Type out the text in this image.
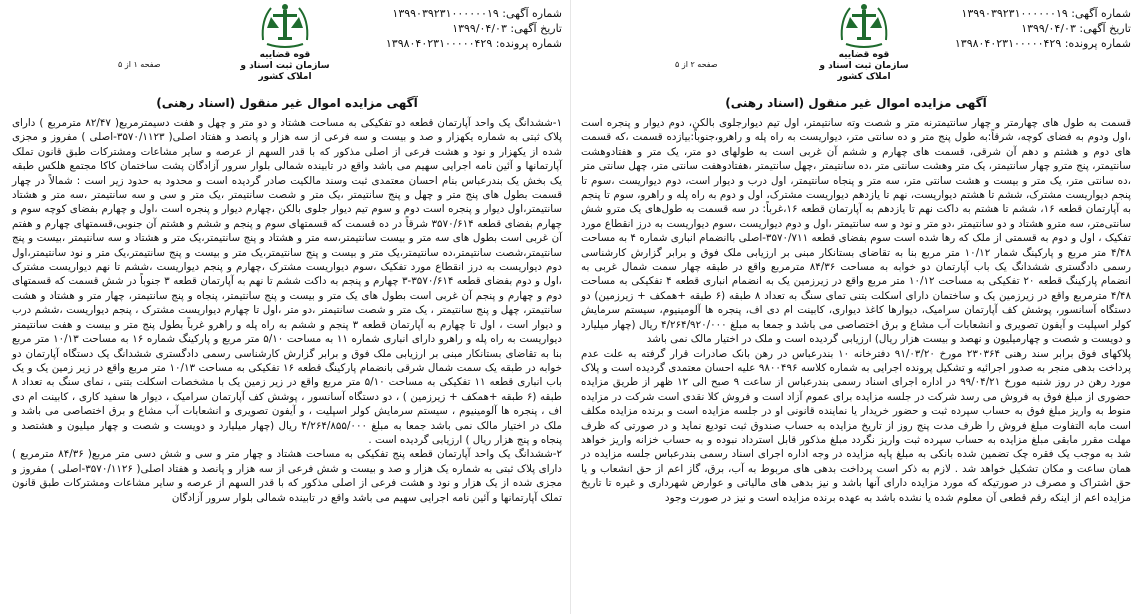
شماره آگهی: ۱۳۹۹۰۳۹۲۳۱۰۰۰۰۰۰۱۹
تاریخ آگهی: ۱۳۹۹/۰۴/۰۳
شماره پرونده: ۱۳۹۸۰۴۰۲۳۱۰۰۰۰۰۴۲۹
قوه قضاییه
سازمان ثبت اسناد و املاک کشور
صفحه ۲ از ۵
آگهی مزایده اموال غیر منقول (اسناد رهنی)

قسمت به طول های چهارمتر و چهار سانتیمترنه متر و شصت وته سانتیمتر، اول تیم دیوارجلوی بالکن، دوم دیوار و پنجره است ،اول ودوم به فضای کوچه، شرقاً:به طول پنج متر و ده سانتی متر، دیواریست به راه پله و راهرو،جنوباً:بیازده قسمت ،که قسمت های دوم و هشتم و دهم آن شرقی، قسمت های چهارم و ششم آن غربی است به طولهای دو متر، یک متر و هفتادوهشت سانتیمتر، پنج مترو چهار سانتیمتر، یک متر وهشت سانتی متر ،ده سانتیمتر ،چهل سانتیمتر ،هفتادوهفت سانتی متر، چهل سانتی متر ،ده سانتی متر، یک متر و بیست و هشت سانتی متر، سه متر و پنجاه سانتیمتر، اول درب و دیوار است، دوم دیواریست ،سوم تا پنجم دیواریست مشترک، ششم تا هشتم دیواریست، نهم تا یازدهم دیواریست مشترک، اول و دوم به راه پله و راهرو، سوم تا پنجم به آپارتمان قطعه ۱۶، ششم تا هشتم به داکت نهم تا یازدهم به آپارتمان قطعه ۱۶،غرباً: در سه قسمت به طول‌های یک مترو شش سانتی‌متر، سه مترو هشتاد و دو سانتیمتر ،دو متر و نود و سه سانتیمتر ،اول و دوم دیواریست ،سوم دیواریست به درز انقطاع مورد تفکیک ، اول و دوم به قسمتی از ملک که رها شده است سوم بفضای قطعه ۳۵۷۰/۷۱۱-اصلی باانضمام انباری شماره ۴ به مساحت ۴/۴۸ متر مربع و پارکینگ شمار ۱۰/۱۲ متر مربع بنا به تقاضای بستانکار مبنی بر ارزیابی ملک فوق و برابر گزارش کارشناسی رسمی دادگستری ششدانگ یک باب آپارتمان دو خوابه به مساحت ۸۴/۳۶ مترمربع واقع در طبقه چهار سمت شمال غربی به انضمام پارکینگ قطعه ۲۰ تفکیکی به مساحت ۱۰/۱۲ متر مربع واقع در زیرزمین یک به انضمام انباری قطعه ۴ تفکیکی به مساحت ۴/۴۸ مترمربع واقع در زیرزمین یک و ساختمان دارای اسکلت بتنی تمای سنگ به تعداد ۸ طبقه (۶ طبقه +همکف + زیرزمین) دو دستگاه آسانسور، پوشش کف آپارتمان سرامیک، دیوارها کاغذ دیواری، کابینت ام دی اف، پنجره ها آلومینیوم، سیستم سرمایش کولر اسپلیت و آیفون تصویری و انشعابات آب مشاع و برق اختصاصی می باشد و جمعا به مبلغ ۴/۲۶۴/۹۲۰/۰۰۰ ریال (چهار میلیارد و دویست و شصت و چهارمیلیون و نهصد و بیست هزار ریال) ارزیابی گردیده است و ملک در اختیار مالک نمی باشد

پلاکهای فوق برابر سند رهنی ۲۳۰۳۶۴ مورخ ۹۱/۰۳/۲۰ دفترخانه ۱۰ بندرعباس در رهن بانک صادرات قرار گرفته به علت عدم پرداخت بدهی منجر به صدور اجرائیه و تشکیل پرونده اجرایی به شماره کلاسه ۹۸۰۰۴۹۶ علیه احسان معتمدی گردیده است و پلاک مورد رهن در روز شنبه مورخ ۹۹/۰۴/۲۱ در اداره اجرای اسناد رسمی بندرعباس از ساعت ۹ صبح الی ۱۲ ظهر از طریق مزایده حضوری از مبلغ فوق به فروش می رسد شرکت در جلسه مزایده برای عموم آزاد است و فروش کلا نقدی است شرکت در مزایده منوط به واریز مبلغ فوق به حساب سپرده ثبت و حضور خریدار یا نماینده قانونی او در جلسه مزایده است و برنده مزایده مکلف است مابه التفاوت مبلغ فروش را ظرف مدت پنج روز از تاریخ مزایده به حساب صندوق ثبت تودیع نماید و در صورتی که ظرف مهلت مقرر مابقی مبلغ مزایده به حساب سپرده ثبت واریز نگردد مبلغ مذکور قابل استرداد نبوده و به حساب خزانه واریز خواهد شد به موجب یک فقره چک تضمین شده بانکی به مبلغ پایه مزایده در وجه اداره اجرای اسناد رسمی بندرعباس جلسه مزایده در همان ساعت و مکان تشکیل خواهد شد . لازم به ذکر است پرداخت بدهی های مربوط به آب، برق، گاز اعم از حق انشعاب و یا حق اشتراک و مصرف در صورتیکه که مورد مزایده دارای آنها باشد و نیز بدهی های مالیاتی و عوارض شهرداری و غیره تا تاریخ مزایده اعم از اینکه رقم قطعی آن معلوم شده یا نشده باشد به عهده برنده مزایده است و نیز در صورت وجود

شماره آگهی: ۱۳۹۹۰۳۹۲۳۱۰۰۰۰۰۰۱۹
تاریخ آگهی: ۱۳۹۹/۰۴/۰۳
شماره پرونده: ۱۳۹۸۰۴۰۲۳۱۰۰۰۰۰۴۲۹
قوه قضاییه
سازمان ثبت اسناد و املاک کشور
صفحه ۱ از ۵
آگهی مزایده اموال غیر منقول (اسناد رهنی)

۱-ششدانگ یک واحد آپارتمان قطعه دو تفکیکی به مساحت هشتاد و دو متر و چهل و هفت دسیمترمربع( ۸۲/۴۷ مترمربع ) دارای پلاک ثبتی به شماره یکهزار و صد و بیست و سه فرعی از سه هزار و پانصد و هفتاد اصلی( ۳۵۷۰/۱۱۲۳-اصلی ) مفروز و مجزی شده از یکهزار و نود و هشت فرعی از اصلی مذکور که با قدر السهم از عرصه و سایر مشاعات ومشترکات طبق قانون تملک آپارتمانها و آئین نامه اجرایی سهیم می باشد واقع در تابینده شمالی بلوار سرور آزادگان پشت ساختمان کاکا مجتمع هلکس طبقه یک بخش یک بندرعباس بنام احسان معتمدی ثبت وسند مالکیت صادر گردیده است و محدود به حدود زیر است : شمالاً در چهار قسمت بطول های پنج متر و چهل و پنج سانتیمتر ،یک متر و شصت سانتیمتر ،یک متر و سی و سه سانتیمتر ،سه متر و هشتاد سانتیمتر،اول دیوار و پنجره است دوم و سوم تیم دیوار جلوی بالکن ،چهارم دیوار و پنجره است ،اول و چهارم بفضای کوچه سوم و چهارم بفضای قطعه ۳۵۷۰/۶۱۴ شرقاً در ده قسمت که قسمتهای سوم و پنجم و ششم و هشتم آن جنوبی،قسمتهای چهارم و هفتم آن غربی است بطول های سه متر و بیست سانتیمتر،سه متر و هشتاد و پنج سانتیمتر،یک متر و هشتاد و سه سانتیمتر ،بیست و پنج سانتیمتر،شصت سانتیمتر،ده سانتیمتر،یک متر و بیست و پنج سانتیمتر،یک متر و بیست و پنج سانتیمتر،یک متر و نود سانتیمتر،اول دوم دیواریست به درز انقطاع مورد تفکیک ،سوم دیواریست مشترک ،چهارم و پنجم دیواریست ،ششم تا نهم دیواریست مشترک ،اول و دوم بفضای قطعه ۳۵۷۰/۶۱۴-۳ چهارم و پنجم به داکت ششم تا نهم به آپارتمان قطعه ۳ جنوباً در شش قسمت که قسمتهای دوم و چهارم و پنجم آن غربی است بطول های یک متر و بیست و پنج سانتیمتر، پنجاه و پنج سانتیمتر، چهار متر و هشتاد و هشت سانتیمتر، چهل و پنج سانتیمتر ، یک متر و شصت سانتیمتر ،دو متر ،اول تا چهارم دیواریست مشترک ، پنجم دیواریست ،ششم درب و دیوار است ، اول تا چهارم به آپارتمان قطعه ۳ پنجم و ششم به راه پله و راهرو غرباً بطول پنج متر و بیست و هفت سانتیمتر دیواریست به راه پله و راهرو دارای انباری شماره ۱۱ به مساحت ۵/۱۰ متر مربع و پارکینگ شماره ۱۶ به مساحت ۱۰/۱۳ متر مربع بنا به تقاضای بستانکار مبنی بر ارزیابی ملک فوق و برابر گزارش کارشناسی رسمی دادگستری ششدانگ یک دستگاه آپارتمان دو خوابه در طبقه یک سمت شمال شرقی بانضمام پارکینگ قطعه ۱۶ تفکیکی به مساحت ۱۰/۱۳ متر مربع واقع در زیر زمین یک و یک باب انباری قطعه ۱۱ تفکیکی به مساحت ۵/۱۰ متر مربع واقع در زیر زمین یک با مشخصات اسکلت بتنی ، نمای سنگ به تعداد ۸ طبقه (۶ طبقه +همکف + زیرزمین ) ، دو دستگاه آسانسور ، پوشش کف آپارتمان سرامیک ، دیوار ها سفید کاری ، کابینت ام دی اف ، پنجره ها آلومینیوم ، سیستم سرمایش کولر اسپلیت ، و آیفون تصویری و انشعابات آب مشاع و برق اختصاصی می باشد و ملک در اختیار مالک نمی باشد جمعا به مبلغ ۴/۲۶۴/۸۵۵/۰۰۰ ریال (چهار میلیارد و دویست و شصت و چهار میلیون و هشتصد و پنجاه و پنج هزار ریال ) ارزیابی گردیده است .

۲-ششدانگ یک واحد آپارتمان قطعه پنج تفکیکی به مساحت هشتاد و چهار متر و سی و شش دسی متر مربع( ۸۴/۳۶ مترمربع ) دارای پلاک ثبتی به شماره یک هزار و صد و بیست و شش فرعی از سه هزار و پانصد و هفتاد اصلی( ۳۵۷۰/۱۱۲۶-اصلی ) مفروز و مجزی شده از یک هزار و نود و هشت فرعی از اصلی مذکور که با قدر السهم از عرصه و سایر مشاعات ومشترکات طبق قانون تملک آپارتمانها و آئین نامه اجرایی سهیم می باشد واقع در تابینده شمالی بلوار سرور آزادگان
